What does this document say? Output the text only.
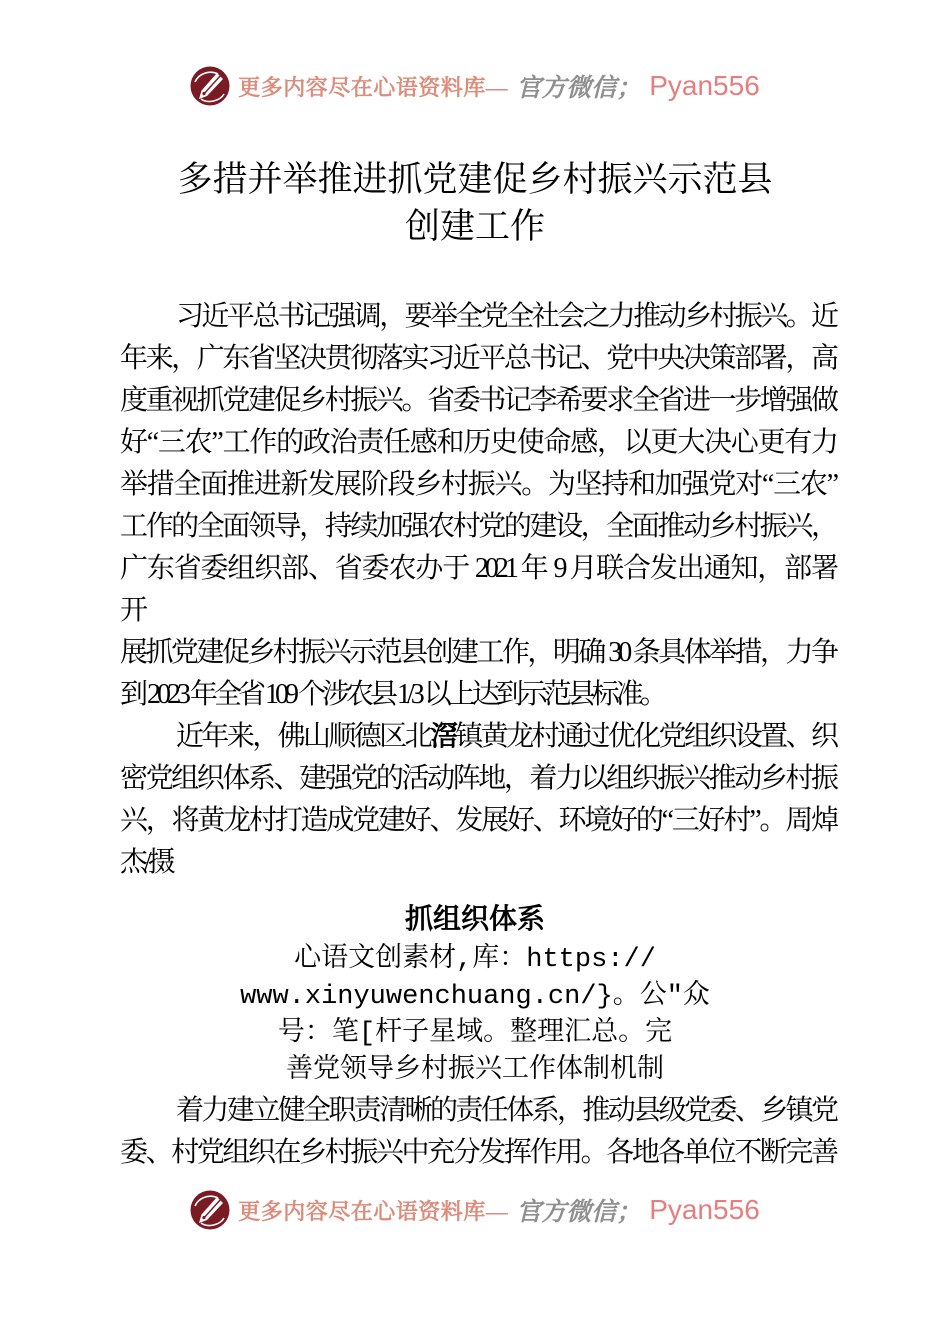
更多内容尽在心语资料库— 官方微信； Pyan556
多措并举推进抓党建促乡村振兴示范县
创建工作
习近平总书记强调，要举全党全社会之力推动乡村振兴。近
年来，广东省坚决贯彻落实习近平总书记、党中央决策部署，高
度重视抓党建促乡村振兴。省委书记李希要求全省进一步增强做
好“三农”工作的政治责任感和历史使命感，以更大决心更有力
举措全面推进新发展阶段乡村振兴。为坚持和加强党对“三农”
工作的全面领导，持续加强农村党的建设，全面推动乡村振兴，
广东省委组织部、省委农办于 2021 年 9 月联合发出通知，部署
开
展抓党建促乡村振兴示范县创建工作，明确 30 条具体举措，力争
到 2023 年全省 109 个涉农县 1/3 以上达到示范县标准。
近年来，佛山顺德区北滘镇黄龙村通过优化党组织设置、织
密党组织体系、建强党的活动阵地，着力以组织振兴推动乡村振
兴，将黄龙村打造成党建好、发展好、环境好的“三好村”。周焯
杰/摄
抓组织体系
心语文创素材,库：https://
www.xinyuwenchuang.cn/}。公″众
号：笔[杆子星域。整理汇总。完
善党领导乡村振兴工作体制机制
着力建立健全职责清晰的责任体系，推动县级党委、乡镇党
委、村党组织在乡村振兴中充分发挥作用。各地各单位不断完善
更多内容尽在心语资料库— 官方微信； Pyan556
